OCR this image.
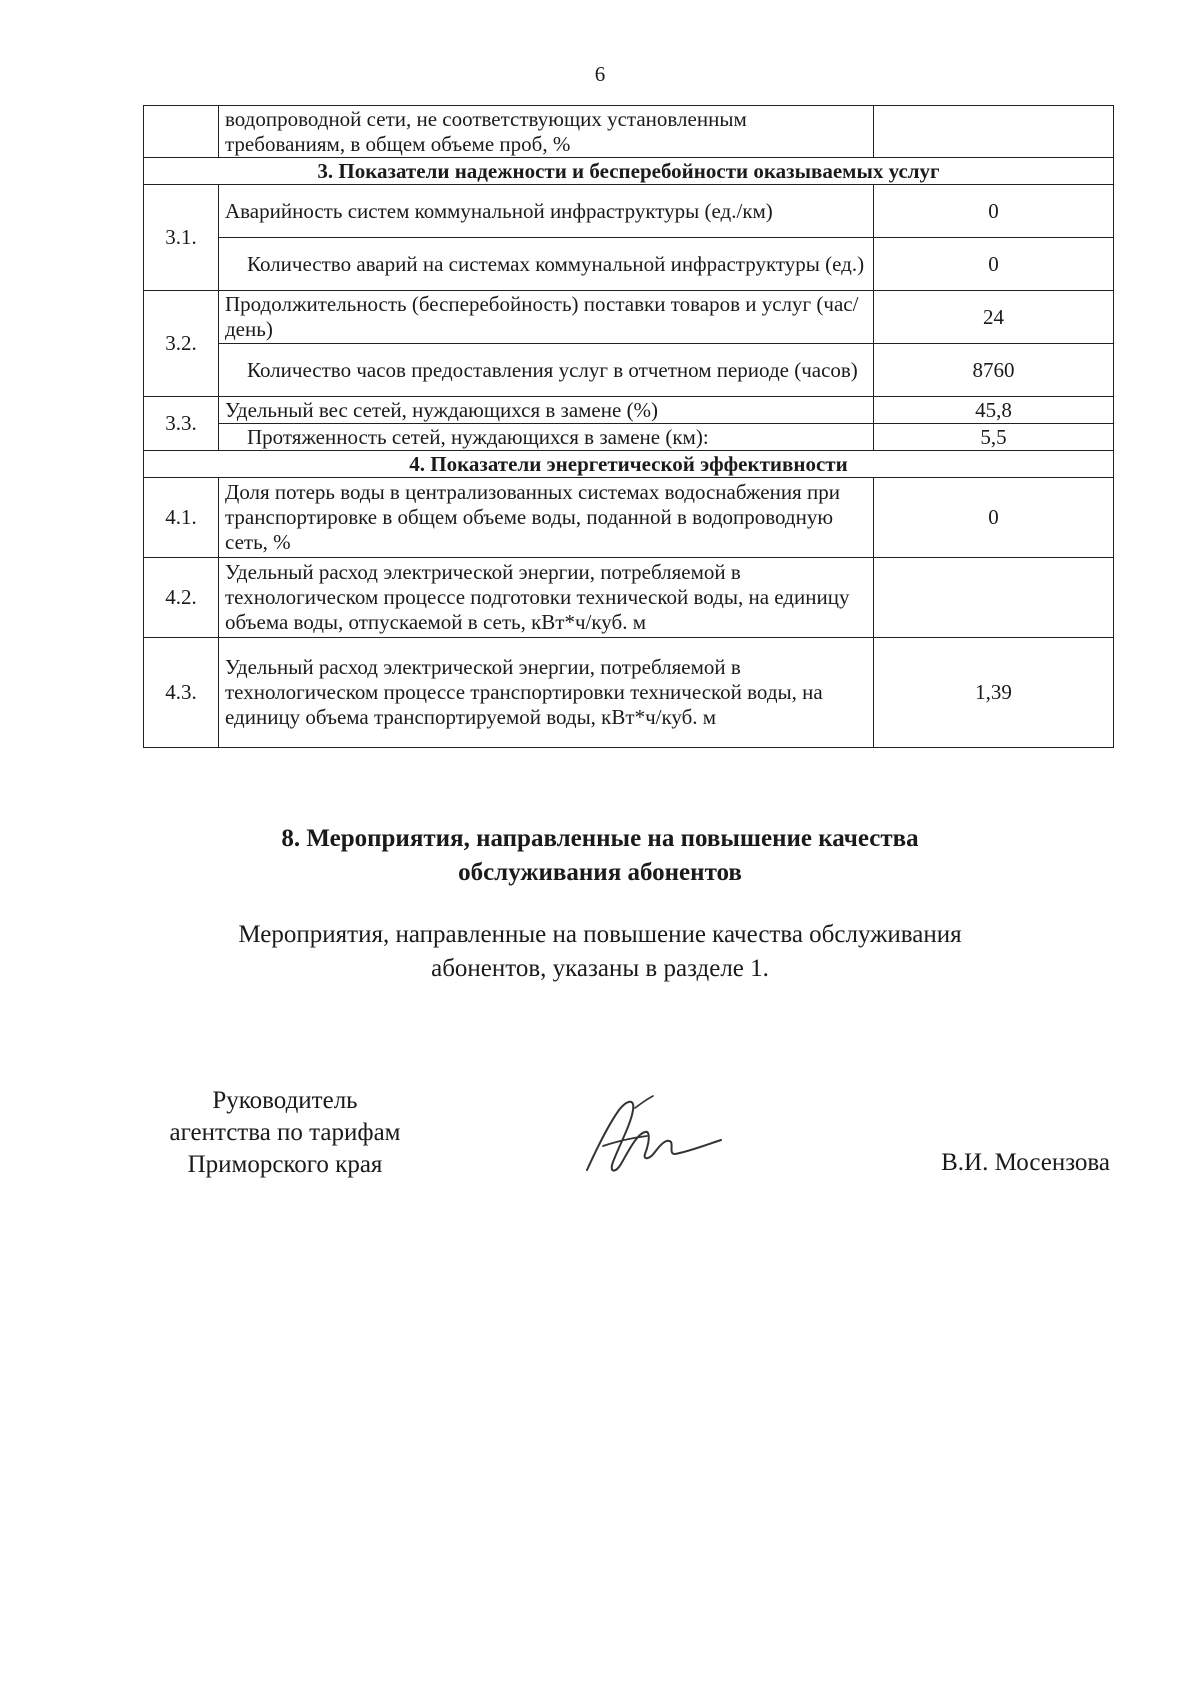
6
	водопроводной сети, не соответствующих установленным требованиям, в общем объеме проб, %	
3. Показатели надежности и бесперебойности оказываемых услуг		
3.1.	Аварийность систем коммунальной инфраструктуры (ед./км)	0
	Количество аварий на системах коммунальной инфраструктуры (ед.)	0
3.2.	Продолжительность (бесперебойность) поставки товаров и услуг (час/день)	24
	Количество часов предоставления услуг в отчетном периоде (часов)	8760
3.3.	Удельный вес сетей, нуждающихся в замене (%)	45,8
	Протяженность сетей, нуждающихся в замене (км):	5,5
4. Показатели энергетической эффективности		
4.1.	Доля потерь воды в централизованных системах водоснабжения при транспортировке в общем объеме воды, поданной в водопроводную сеть, %	0
4.2.	Удельный расход электрической энергии, потребляемой в технологическом процессе подготовки технической воды, на единицу объема воды, отпускаемой в сеть, кВт*ч/куб. м	
4.3.	Удельный расход электрической энергии, потребляемой в технологическом процессе транспортировки технической воды, на единицу объема транспортируемой воды, кВт*ч/куб. м	1,39
8. Мероприятия, направленные на повышение качества
обслуживания абонентов
Мероприятия, направленные на повышение качества обслуживания
абонентов, указаны в разделе 1.
Руководитель
агентства по тарифам
Приморского края	В.И. Мосензова
